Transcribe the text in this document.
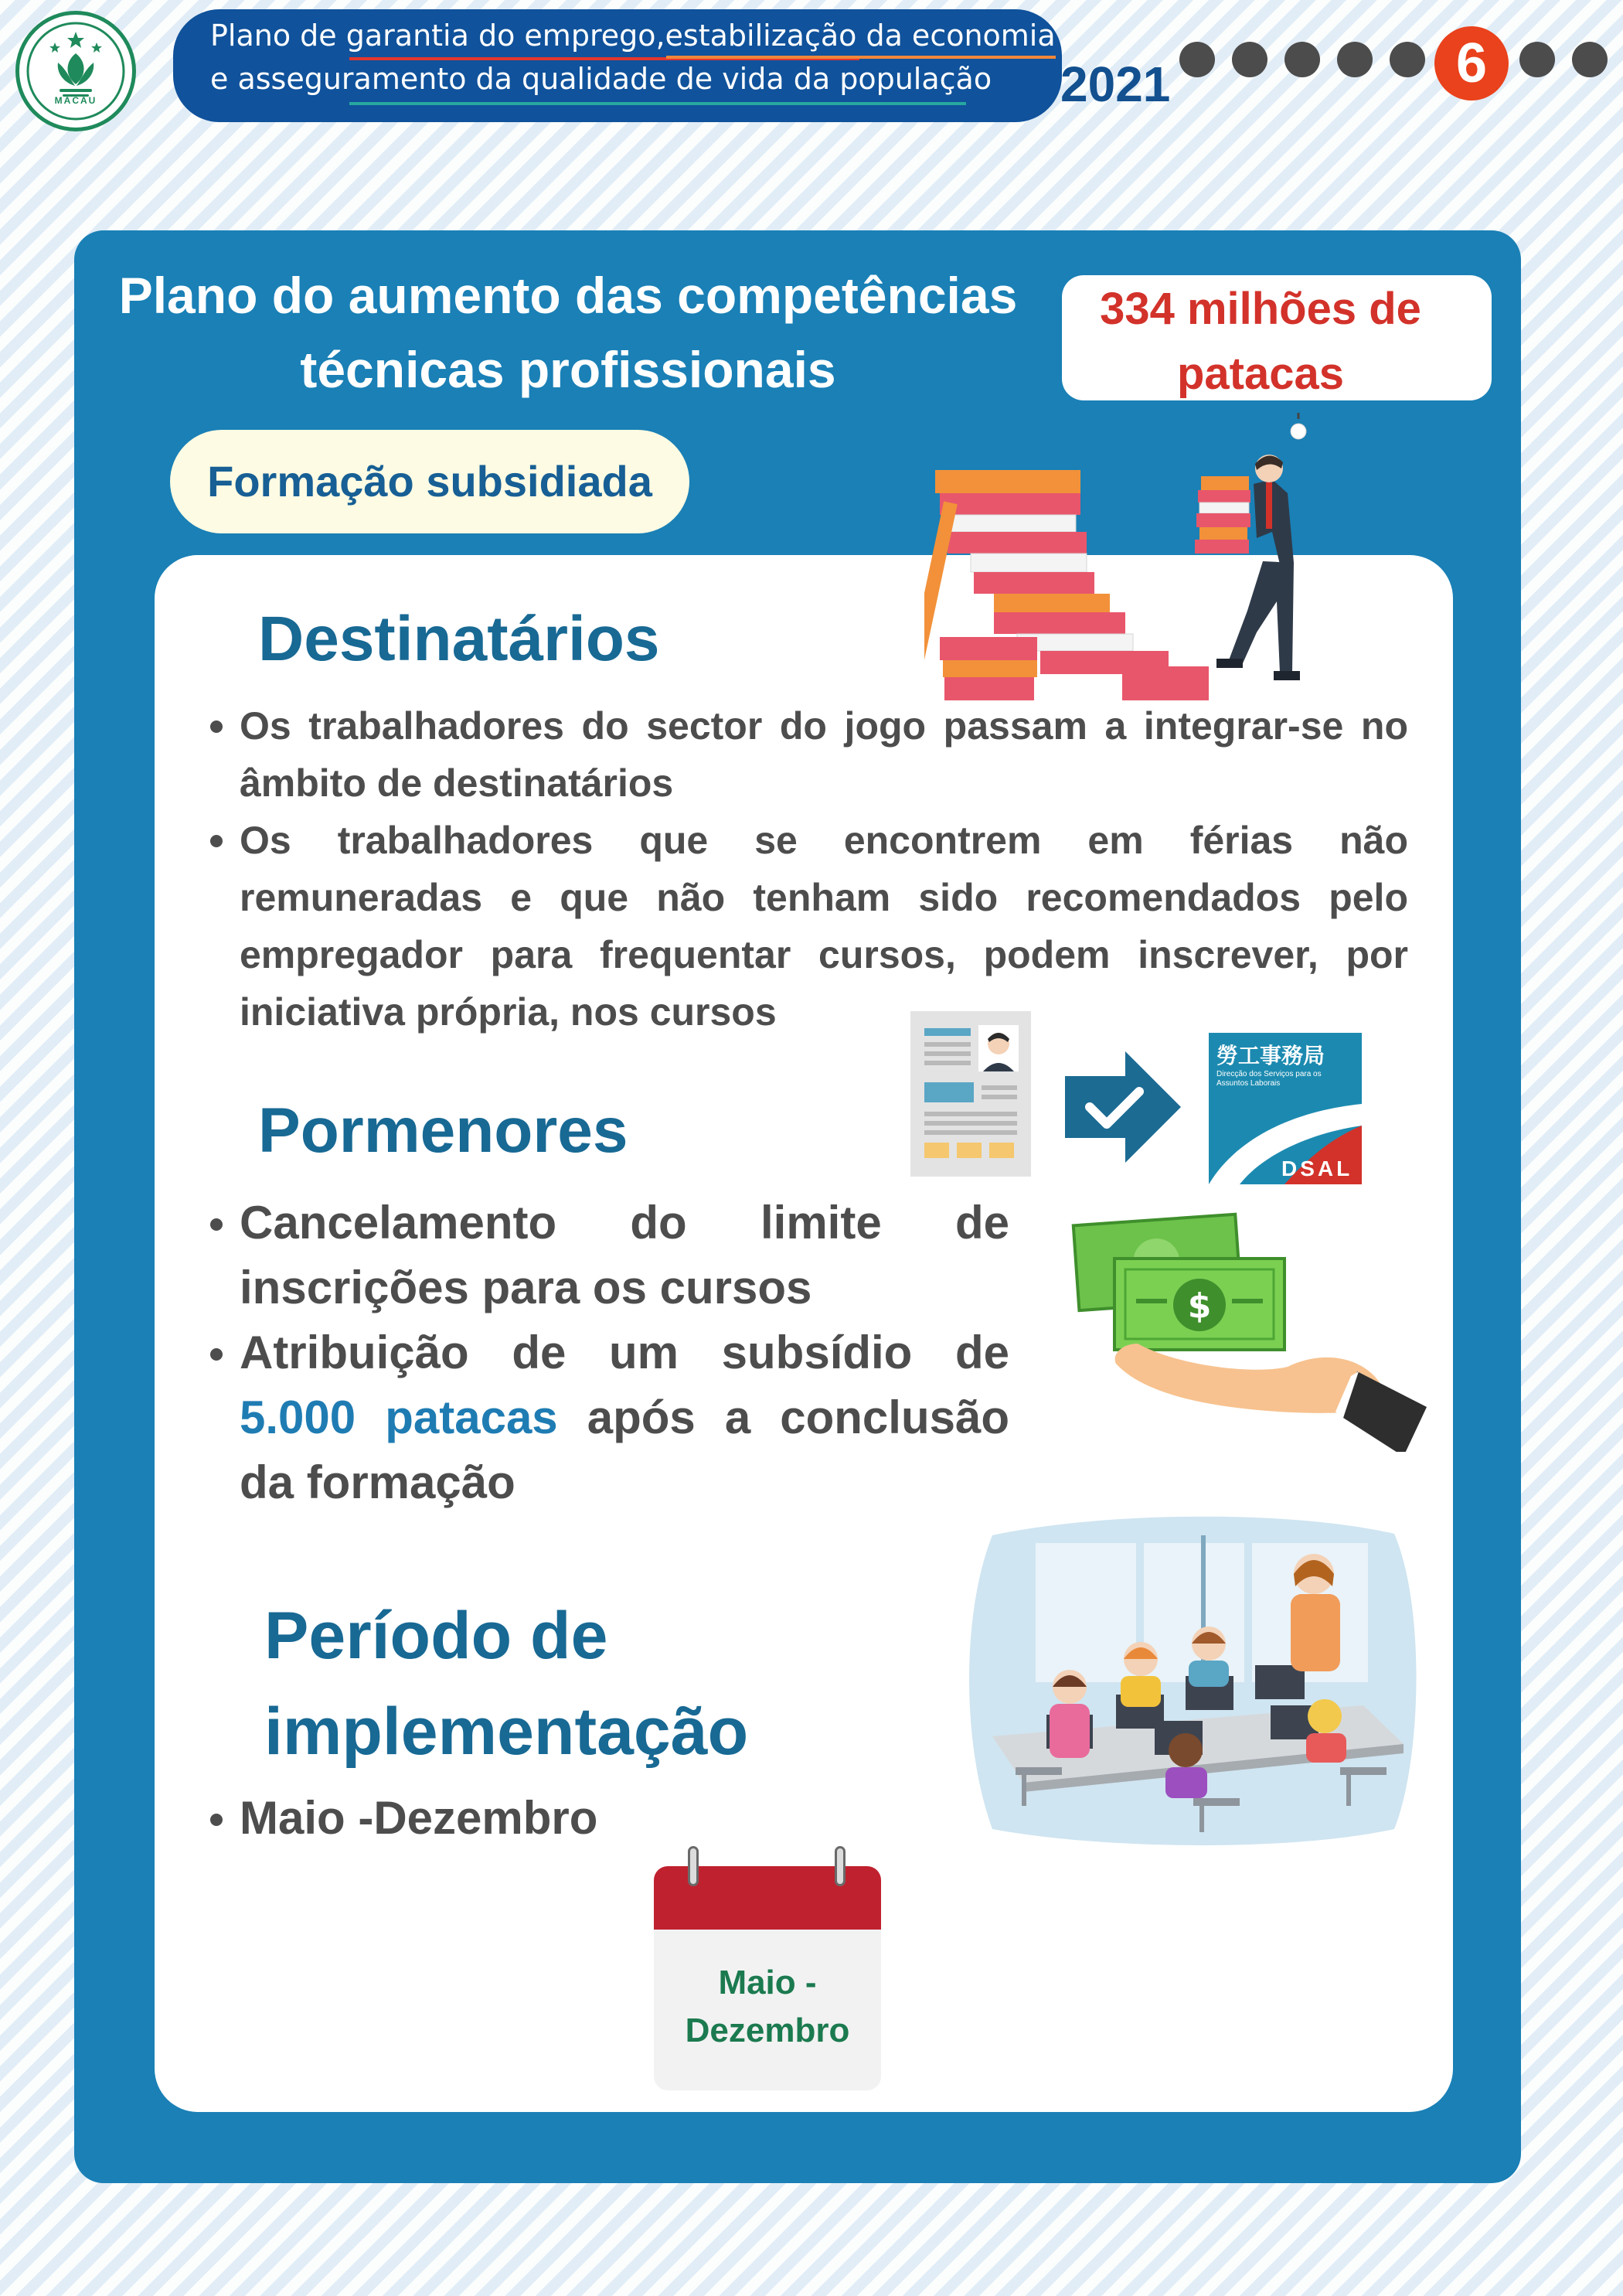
MACAU
Plano de garantia do emprego,estabilização da economia
e asseguramento da qualidade de vida da população 2021	6
Plano do aumento das competências técnicas profissionais
334 milhões de patacas
Formação subsidiada
Destinatários
Os trabalhadores do sector do jogo passam a integrar-se no âmbito de destinatários
Os trabalhadores que se encontrem em férias não remuneradas e que não tenham sido recomendados pelo empregador para frequentar cursos, podem inscrever, por iniciativa própria, nos cursos
勞工事務局
Direcção dos Serviços para os Assuntos Laborais
DSAL
Pormenores
Cancelamento do limite de inscrições para os cursos
Atribuição de um subsídio de 5.000 patacas após a conclusão da formação
$
Período de implementação
Maio -Dezembro
Maio - Dezembro
